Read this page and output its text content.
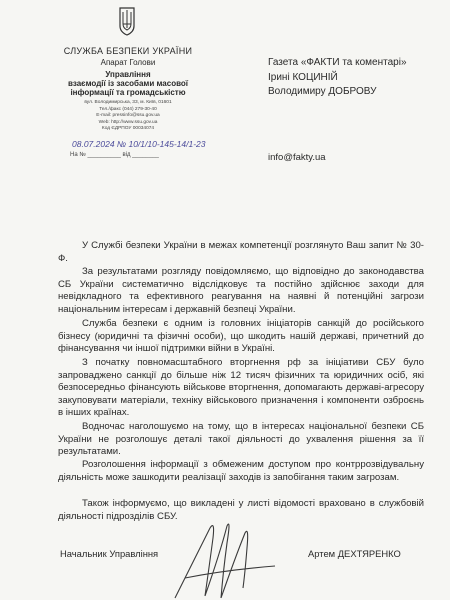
СЛУЖБА БЕЗПЕКИ УКРАЇНИ
Апарат Голови
Управління
взаємодії із засобами масової
інформації та громадськістю
вул. Володимирська, 33, м. Київ, 01601
Тел./факс (044) 279-30-40
E-mail: pressinfo@ssu.gov.ua
Web: http://www.ssu.gov.ua
Код ЄДРПОУ 00034074
08.07.2024 № 10/1/10-145-14/1-23
На № __________ від ________
Газета «ФАКТИ та коментарі»
Ірині КОЦИНІЙ
Володимиру ДОБРОВУ
info@fakty.ua

У Службі безпеки України в межах компетенції розглянуто Ваш запит № 30-Ф.

За результатами розгляду повідомляємо, що відповідно до законодавства СБ України систематично відслідковує та постійно здійснює заходи для невідкладного та ефективного реагування на наявні й потенційні загрози національним інтересам і державній безпеці України.

Служба безпеки є одним із головних ініціаторів санкцій до російського бізнесу (юридичні та фізичні особи), що шкодить нашій державі, причетний до фінансування чи іншої підтримки війни в Україні.

З початку повномасштабного вторгнення рф за ініціативи СБУ було запроваджено санкції до більше ніж 12 тисяч фізичних та юридичних осіб, які безпосередньо фінансують військове вторгнення, допомагають державі-агресору закуповувати матеріали, техніку військового призначення і компоненти озброєнь в інших країнах.

Водночас наголошуємо на тому, що в інтересах національної безпеки СБ України не розголошує деталі такої діяльності до ухвалення рішення за її результатами.

Розголошення інформації з обмеженим доступом про контррозвідувальну діяльність може зашкодити реалізації заходів із запобігання таким загрозам.

Також інформуємо, що викладені у листі відомості враховано в службовій діяльності підрозділів СБУ.

Начальник Управління	Артем ДЕХТЯРЕНКО
